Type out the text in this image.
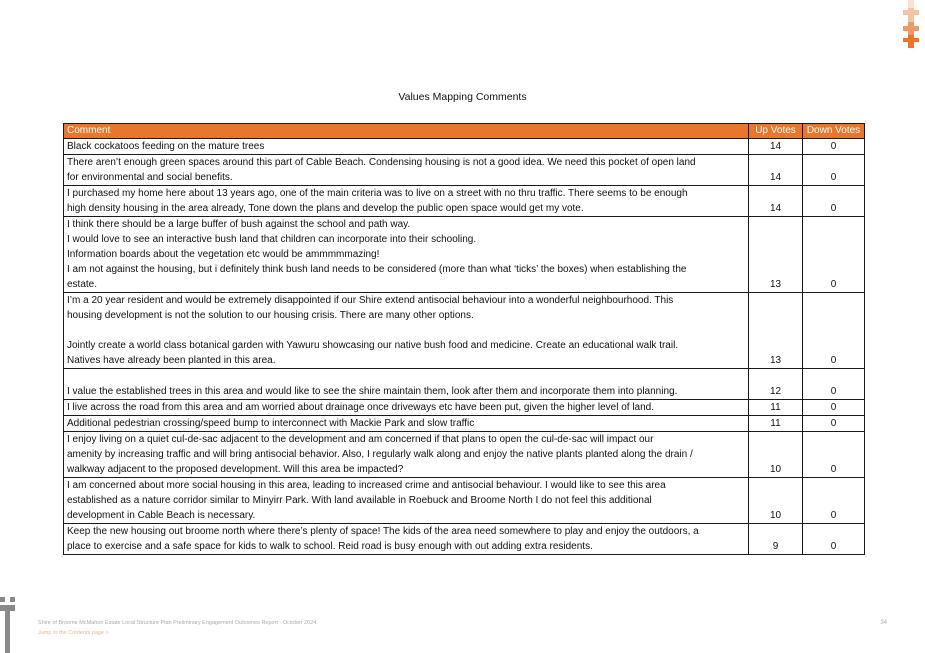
Values Mapping Comments
Comment	Up Votes	Down Votes
Black cockatoos feeding on the mature trees	14	0
There aren’t enough green spaces around this part of Cable Beach. Condensing housing is not a good idea. We need this pocket of open land
for environmental and social benefits.	14	0
I purchased my home here about 13 years ago, one of the main criteria was to live on a street with no thru traffic. There seems to be enough
high density housing in the area already, Tone down the plans and develop the public open space would get my vote.	14	0
I think there should be a large buffer of bush against the school and path way.
I would love to see an interactive bush land that children can incorporate into their schooling.
Information boards about the vegetation etc would be ammmmmazing!
I am not against the housing, but i definitely think bush land needs to be considered (more than what ‘ticks’ the boxes) when establishing the
estate.	13	0
I’m a 20 year resident and would be extremely disappointed if our Shire extend antisocial behaviour into a wonderful neighbourhood. This
housing development is not the solution to our housing crisis. There are many other options.

Jointly create a world class botanical garden with Yawuru showcasing our native bush food and medicine. Create an educational walk trail.
Natives have already been planted in this area.	13	0

I value the established trees in this area and would like to see the shire maintain them, look after them and incorporate them into planning.	12	0
I live across the road from this area and am worried about drainage once driveways etc have been put, given the higher level of land.	11	0
Additional pedestrian crossing/speed bump to interconnect with Mackie Park and slow traffic	11	0
I enjoy living on a quiet cul-de-sac adjacent to the development and am concerned if that plans to open the cul-de-sac will impact our
amenity by increasing traffic and will bring antisocial behavior. Also, I regularly walk along and enjoy the native plants planted along the drain /
walkway adjacent to the proposed development. Will this area be impacted?	10	0
I am concerned about more social housing in this area, leading to increased crime and antisocial behaviour. I would like to see this area
established as a nature corridor similar to Minyirr Park. With land available in Roebuck and Broome North I do not feel this additional
development in Cable Beach is necessary.	10	0
Keep the new housing out broome north where there’s plenty of space! The kids of the area need somewhere to play and enjoy the outdoors, a
place to exercise and a safe space for kids to walk to school. Reid road is busy enough with out adding extra residents.	9	0
Shire of Broome McMahon Estate Local Structure Plan Preliminary Engagement Outcomes Report - October 2024
Jump to the Contents page >
34
